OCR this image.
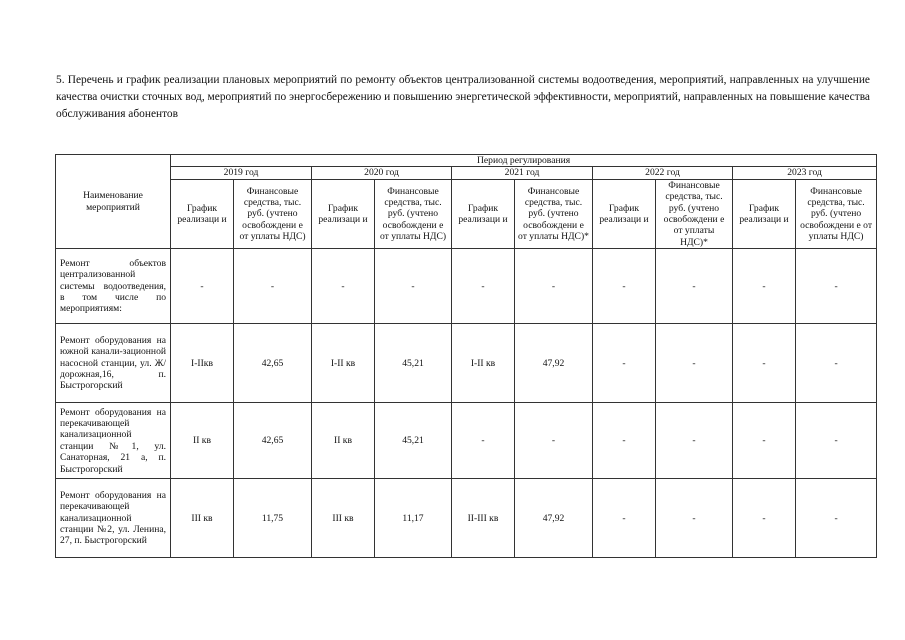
5. Перечень и график реализации плановых мероприятий по ремонту объектов централизованной системы водоотведения, мероприятий, направленных на улучшение качества очистки сточных вод, мероприятий по энергосбережению и повышению энергетической эффективности, мероприятий, направленных на повышение качества обслуживания абонентов

Наименование мероприятий	Период регулирования									
	2019 год		2020 год		2021 год		2022 год		2023 год	
	График реализаци и	Финансовые средства, тыс. руб. (учтено освобождени е от уплаты НДС)	График реализаци и	Финансовые средства, тыс. руб. (учтено освобождени е от уплаты НДС)	График реализаци и	Финансовые средства, тыс. руб. (учтено освобождени е от уплаты НДС)*	График реализаци и	Финансовые средства, тыс. руб. (учтено освобождени е от уплаты НДС)*	График реализаци и	Финансовые средства, тыс. руб. (учтено освобождени е от уплаты НДС)
Ремонт объектов централизованной системы водоотведения, в том числе по мероприятиям:	-	-	-	-	-	-	-	-	-	-
Ремонт оборудования на южной канали-зационной насосной станции, ул. Ж/дорожная,16, п. Быстрогорский	I-IIкв	42,65	I-II кв	45,21	I-II кв	47,92	-	-	-	-
Ремонт оборудования на перекачивающей канализационной станции №1, ул. Санаторная, 21 а, п. Быстрогорский	II кв	42,65	II кв	45,21	-	-	-	-	-	-
Ремонт оборудования на перекачивающей канализационной станции №2, ул. Ленина, 27, п. Быстрогорский	III кв	11,75	III кв	11,17	II-III кв	47,92	-	-	-	-
